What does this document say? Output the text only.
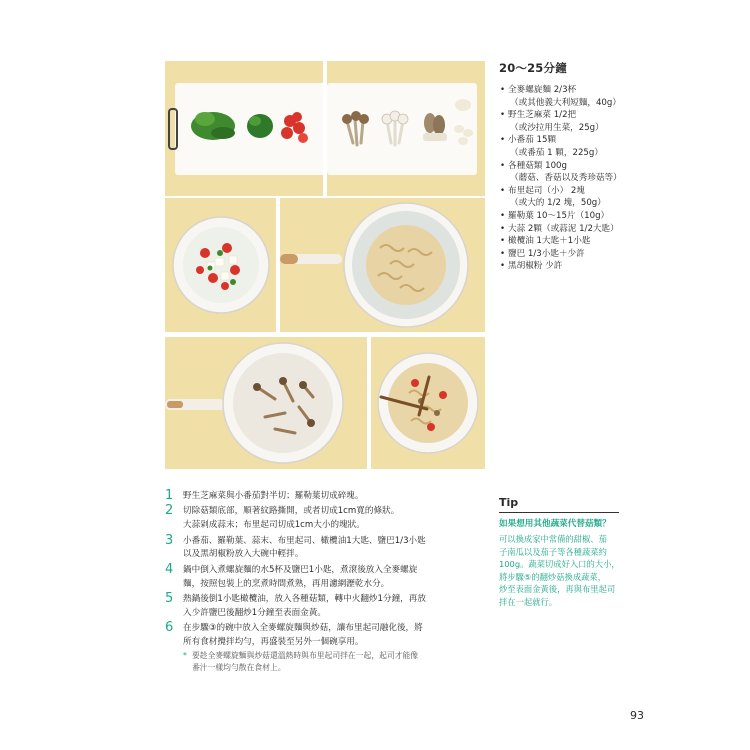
20～25分鐘
• 全麥螺旋麵 2/3杯
（或其他義大利短麵，40g）
• 野生芝麻菜 1/2把
（或沙拉用生菜，25g）
• 小番茄 15顆
（或番茄 1 顆，225g）
• 各種菇類 100g
（蘑菇、香菇以及秀珍菇等）
• 布里起司（小） 2塊
（或大的 1/2 塊，50g）
• 羅勒葉 10～15片（10g）
• 大蒜 2顆（或蒜泥 1/2大匙）
• 橄欖油 1大匙＋1小匙
• 鹽巴 1/3小匙＋少許
• 黑胡椒粉 少許
1 野生芝麻菜與小番茄對半切；羅勒葉切成碎塊。
2 切除菇類底部，順著紋路撕開，或者切成1cm寬的條狀。
大蒜剁成蒜末；布里起司切成1cm大小的塊狀。
3 小番茄、羅勒葉、蒜末、布里起司、橄欖油1大匙、鹽巴1/3小匙
以及黑胡椒粉放入大碗中輕拌。
4 鍋中倒入煮螺旋麵的水5杯及鹽巴1小匙，煮滾後放入全麥螺旋
麵，按照包裝上的烹煮時間煮熟，再用濾網瀝乾水分。
5 熱鍋後倒1小匙橄欖油，放入各種菇類，轉中火翻炒1分鐘，再放
入少許鹽巴後翻炒1分鐘至表面金黃。
6 在步驟③的碗中放入全麥螺旋麵與炒菇，讓布里起司融化後，將
所有食材攪拌均勻，再盛裝至另外一個碗享用。
* 要趁全麥螺旋麵與炒菇還溫熱時與布里起司拌在一起，起司才能像
番汁一樣均勻散在食材上。
Tip
如果想用其他蔬菜代替菇類？
可以換成家中常備的甜椒、茄
子南瓜以及茄子等各種蔬菜約
100g。蔬菜切成好入口的大小，
將步驟⑤的翻炒菇換成蔬菜，
炒至表面金黃後，再與布里起司
拌在一起就行。
93
